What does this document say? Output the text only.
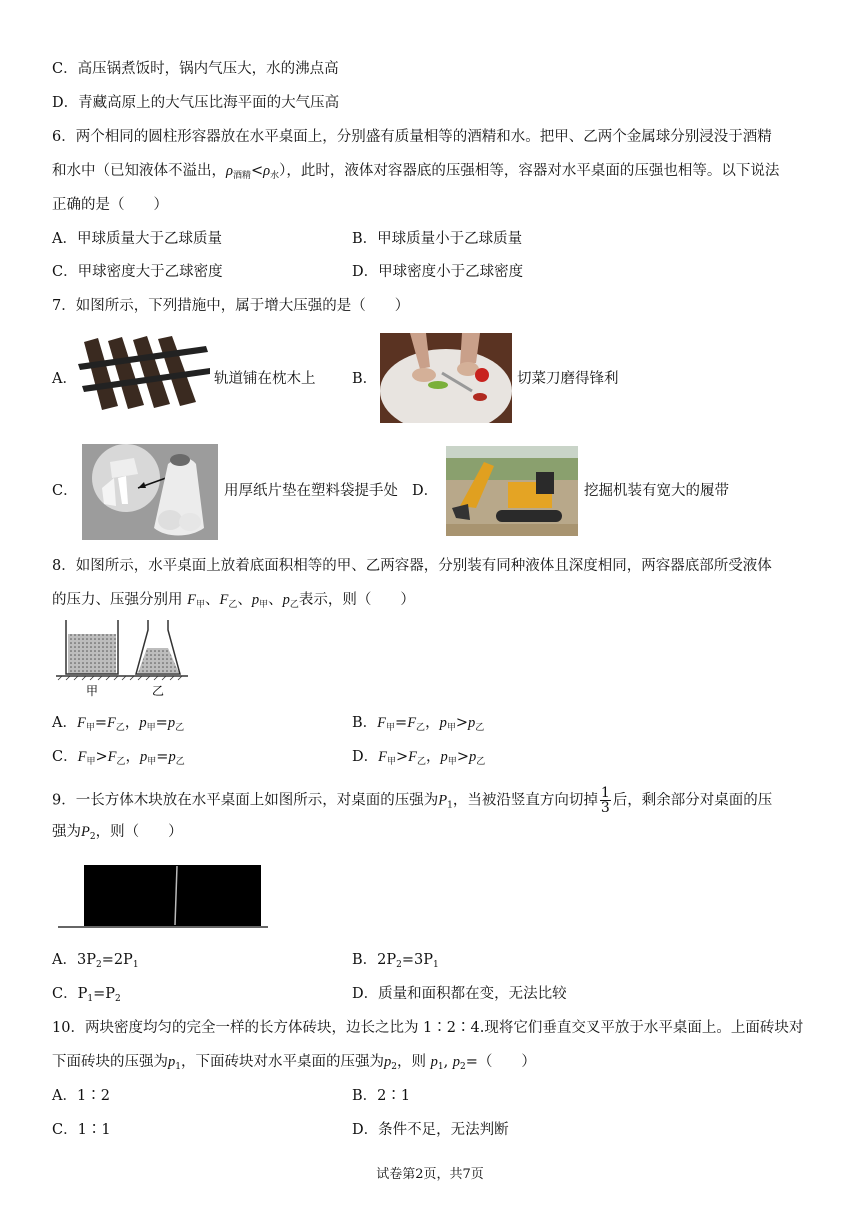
C．高压锅煮饭时，锅内气压大，水的沸点高
D．青藏高原上的大气压比海平面的大气压高
6．两个相同的圆柱形容器放在水平桌面上，分别盛有质量相等的酒精和水。把甲、乙两个金属球分别浸没于酒精
和水中（已知液体不溢出，$\rho_{酒精}<\rho_水$），此时，液体对容器底的压强相等，容器对水平桌面的压强也相等。以下说法
正确的是（　　）
A．甲球质量大于乙球质量	B．甲球质量小于乙球质量
C．甲球密度大于乙球密度	D．甲球密度小于乙球密度
7．如图所示，下列措施中，属于增大压强的是（　　）
A．	轨道铺在枕木上	B．	切菜刀磨得锋利
C．	用厚纸片垫在塑料袋提手处 D．	挖掘机装有宽大的履带
8．如图所示，水平桌面上放着底面积相等的甲、乙两容器，分别装有同种液体且深度相同，两容器底部所受液体
的压力、压强分别用 $F_甲$、$F_乙$、$p_甲$、$p_乙$表示，则（　　）
甲	乙
A．$F_甲=F_乙$，$p_甲=p_乙$	B．$F_甲=F_乙$，$p_甲>p_乙$
C．$F_甲>F_乙$，$p_甲=p_乙$	D．$F_甲>F_乙$，$p_甲>p_乙$
9．一长方体木块放在水平桌面上如图所示，对桌面的压强为$P_1$，当被沿竖直方向切掉 $\frac{1}{3}$ 后，剩余部分对桌面的压
强为$P_2$，则（　　）
A．$3P_2=2P_1$	B．$2P_2=3P_1$
C．$P_1=P_2$	D．质量和面积都在变，无法比较
10．两块密度均匀的完全一样的长方体砖块，边长之比为 1∶2∶4.现将它们垂直交叉平放于水平桌面上。上面砖块对
下面砖块的压强为$p_1$，下面砖块对水平桌面的压强为$p_2$，则 $p_1$, $p_2=$（　　）
A．1∶2	B．2∶1
C．1∶1	D．条件不足，无法判断
试卷第2页，共7页
